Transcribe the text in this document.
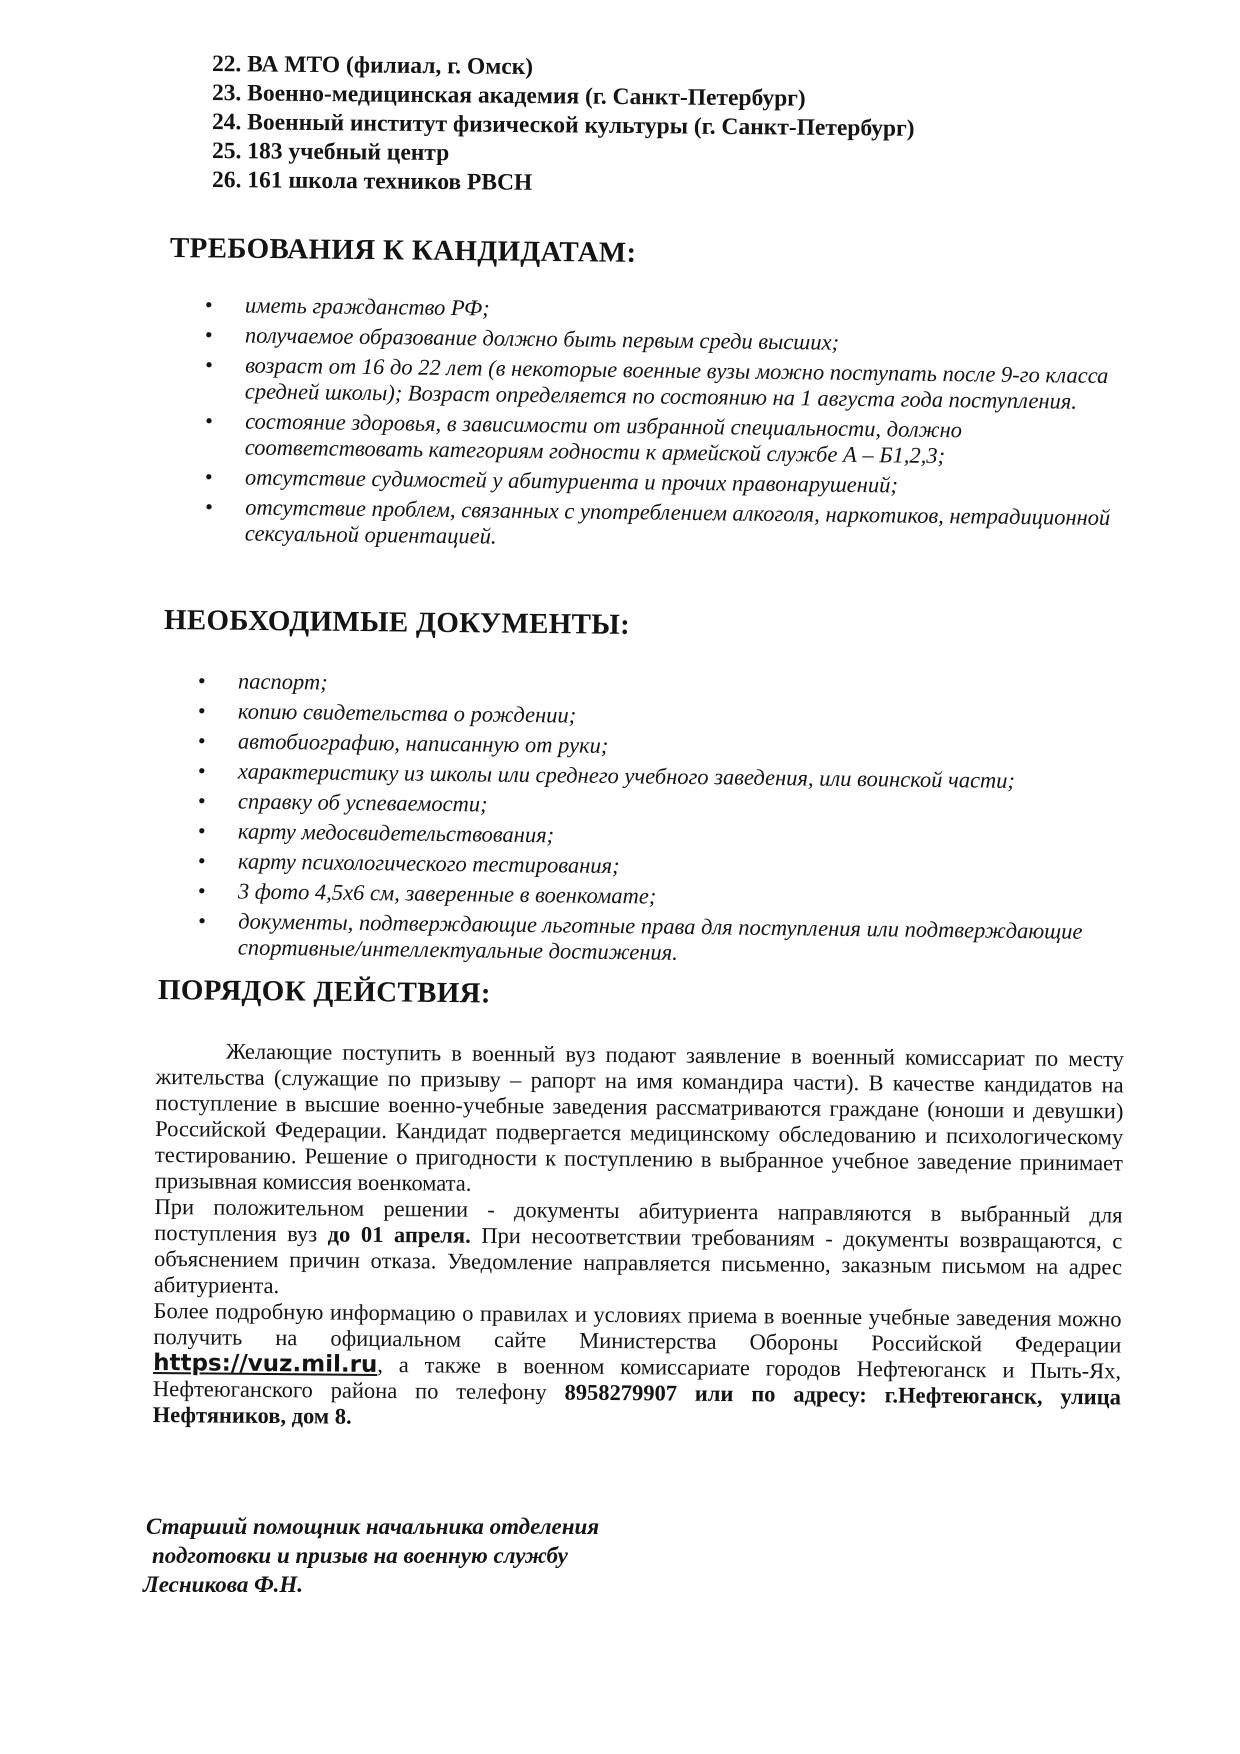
22. ВА МТО (филиал, г. Омск)
23. Военно-медицинская академия (г. Санкт-Петербург)
24. Военный институт физической культуры (г. Санкт-Петербург)
25. 183 учебный центр
26. 161 школа техников РВСН
ТРЕБОВАНИЯ К КАНДИДАТАМ:
• иметь гражданство РФ;
• получаемое образование должно быть первым среди высших;
• возраст от 16 до 22 лет (в некоторые военные вузы можно поступать после 9-го класса средней школы); Возраст определяется по состоянию на 1 августа года поступления.
• состояние здоровья, в зависимости от избранной специальности, должно соответствовать категориям годности к армейской службе А – Б1,2,3;
• отсутствие судимостей у абитуриента и прочих правонарушений;
• отсутствие проблем, связанных с употреблением алкоголя, наркотиков, нетрадиционной сексуальной ориентацией.
НЕОБХОДИМЫЕ ДОКУМЕНТЫ:
• паспорт;
• копию свидетельства о рождении;
• автобиографию, написанную от руки;
• характеристику из школы или среднего учебного заведения, или воинской части;
• справку об успеваемости;
• карту медосвидетельствования;
• карту психологического тестирования;
• 3 фото 4,5х6 см, заверенные в военкомате;
• документы, подтверждающие льготные права для поступления или подтверждающие спортивные/интеллектуальные достижения.
ПОРЯДОК ДЕЙСТВИЯ:

Желающие поступить в военный вуз подают заявление в военный комиссариат по месту жительства (служащие по призыву – рапорт на имя командира части). В качестве кандидатов на поступление в высшие военно-учебные заведения рассматриваются граждане (юноши и девушки) Российской Федерации. Кандидат подвергается медицинскому обследованию и психологическому тестированию. Решение о пригодности к поступлению в выбранное учебное заведение принимает призывная комиссия военкомата.

При положительном решении - документы абитуриента направляются в выбранный для поступления вуз до 01 апреля. При несоответствии требованиям - документы возвращаются, с объяснением причин отказа. Уведомление направляется письменно, заказным письмом на адрес абитуриента.

Более подробную информацию о правилах и условиях приема в военные учебные заведения можно получить на официальном сайте Министерства Обороны Российской Федерации https://vuz.mil.ru, а также в военном комиссариате городов Нефтеюганск и Пыть-Ях, Нефтеюганского района по телефону 8958279907 или по адресу: г.Нефтеюганск, улица Нефтяников, дом 8.

Старший помощник начальника отделения
подготовки и призыв на военную службу
Лесникова Ф.Н.
